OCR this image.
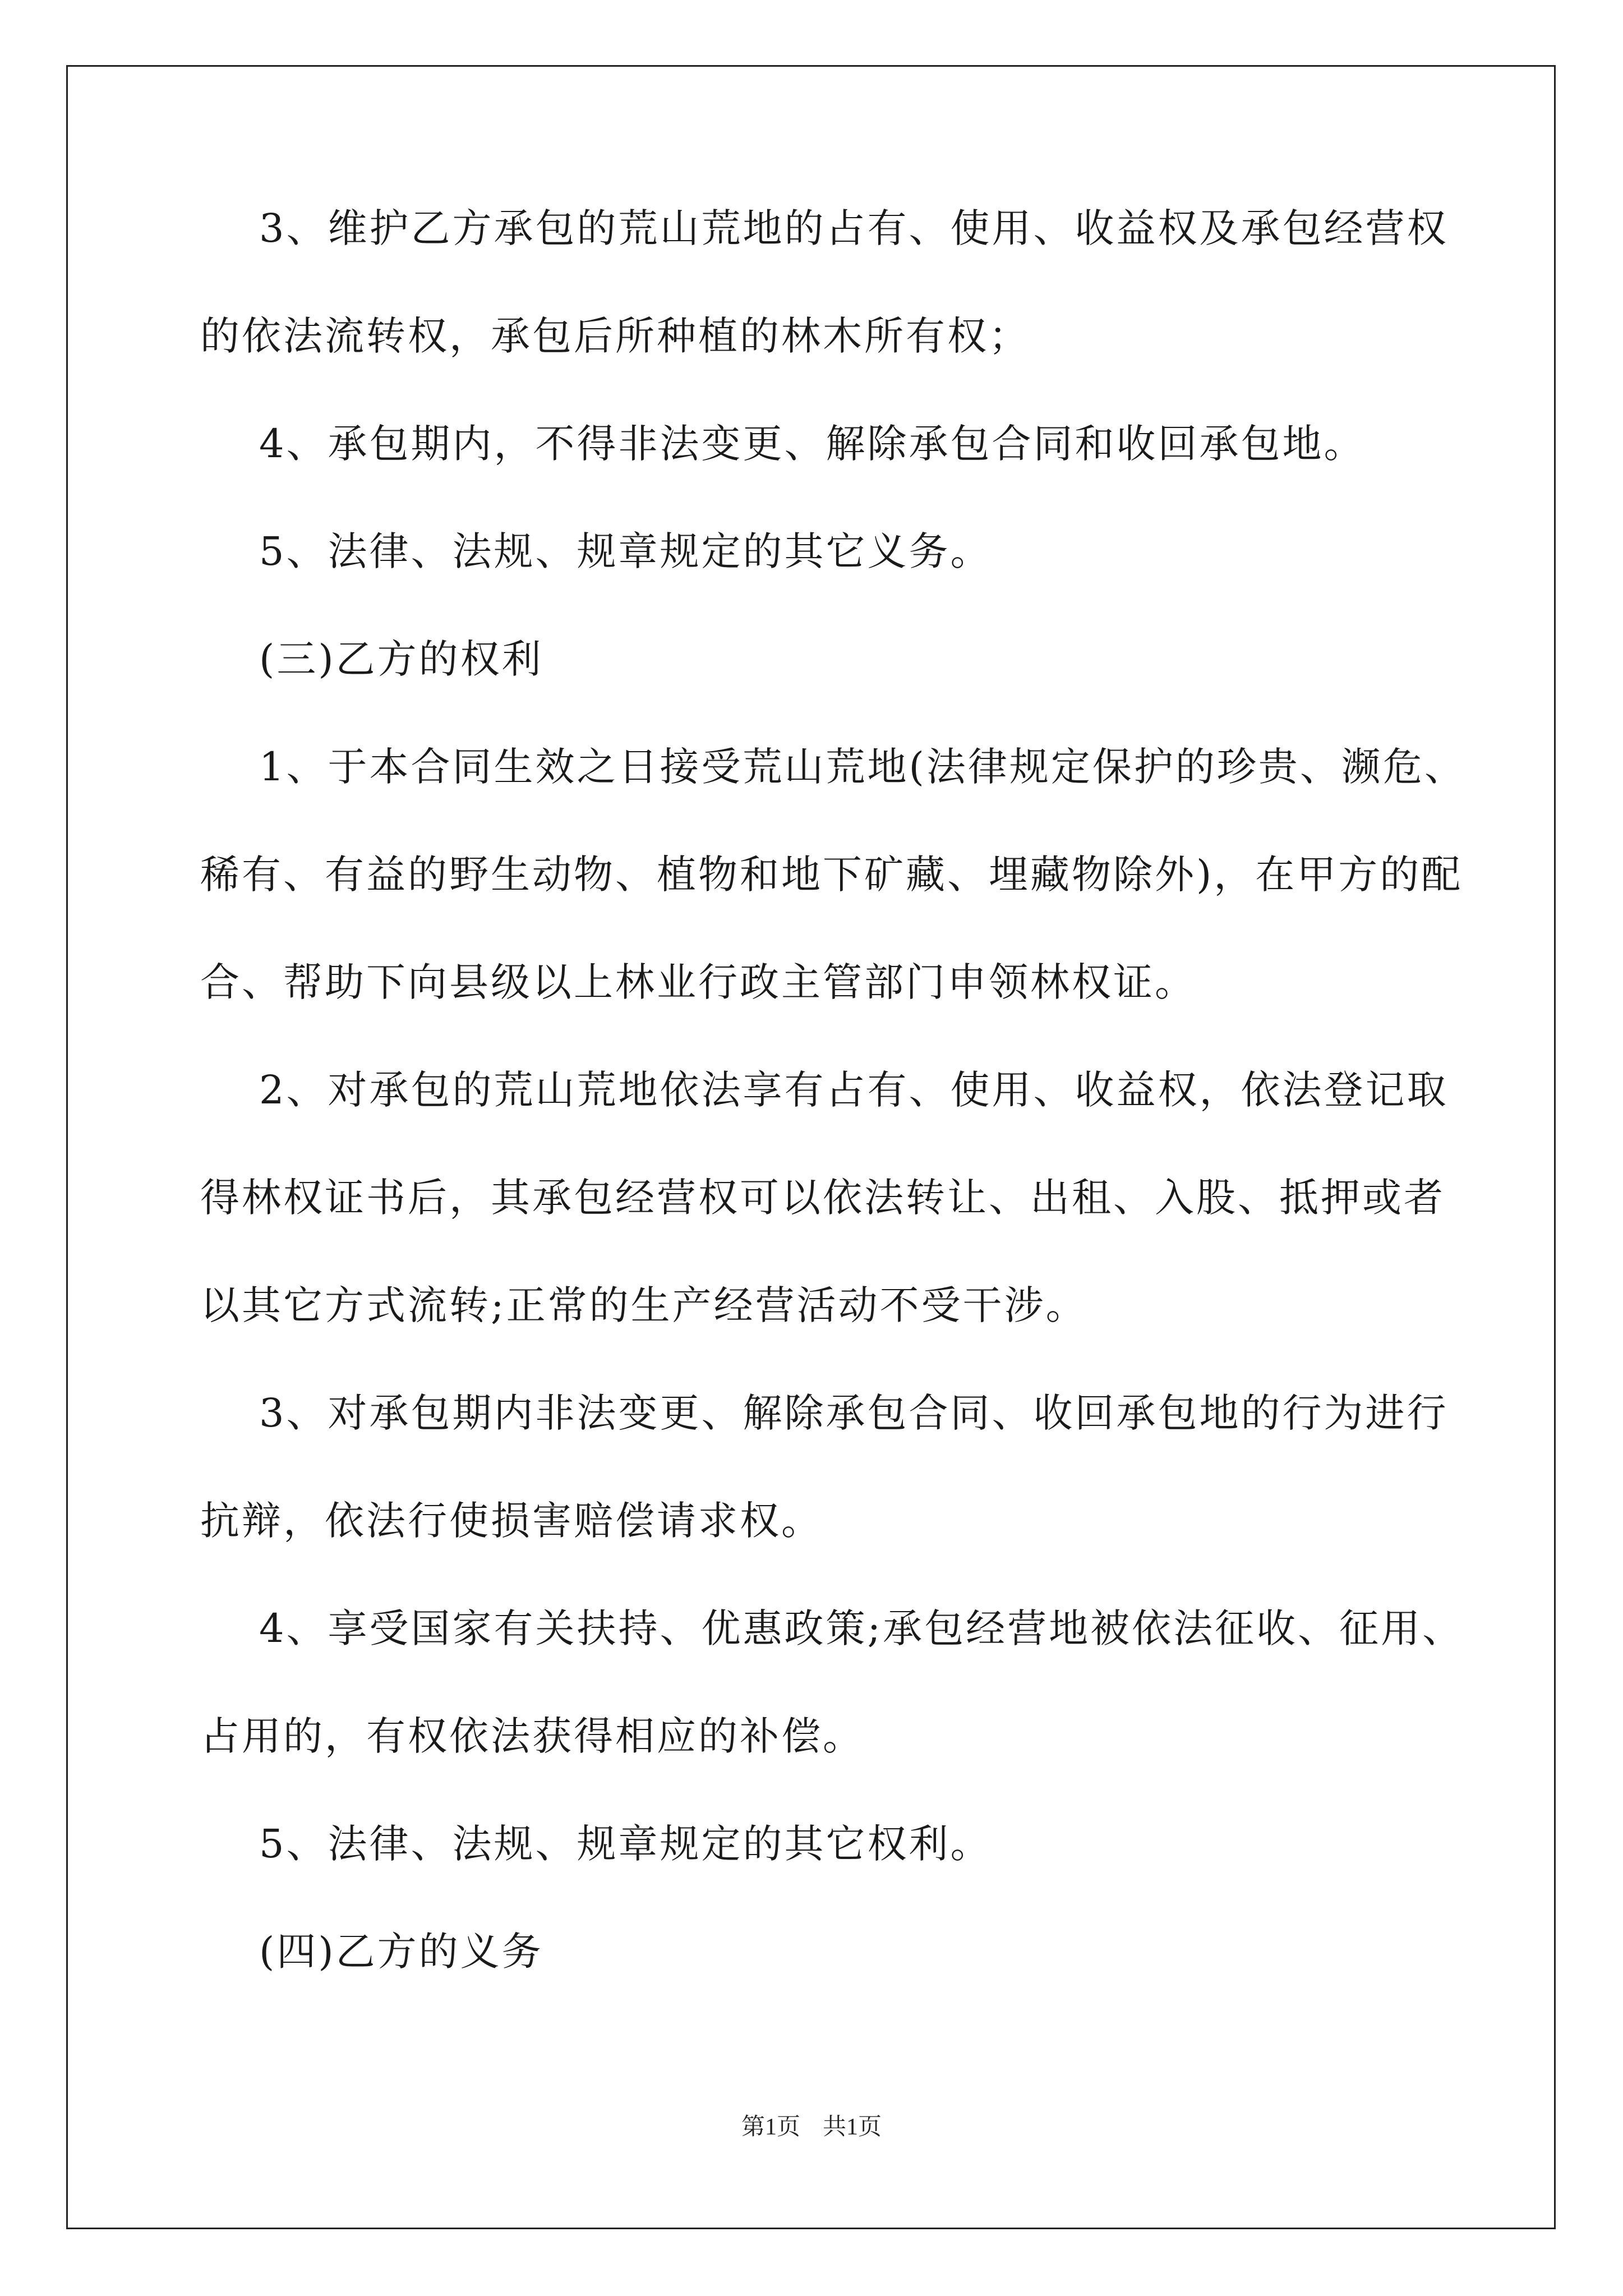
3、维护乙方承包的荒山荒地的占有、使用、收益权及承包经营权
的依法流转权，承包后所种植的林木所有权；
4、承包期内，不得非法变更、解除承包合同和收回承包地。
5、法律、法规、规章规定的其它义务。
(三)乙方的权利
1、于本合同生效之日接受荒山荒地(法律规定保护的珍贵、濒危、
稀有、有益的野生动物、植物和地下矿藏、埋藏物除外)，在甲方的配
合、帮助下向县级以上林业行政主管部门申领林权证。
2、对承包的荒山荒地依法享有占有、使用、收益权，依法登记取
得林权证书后，其承包经营权可以依法转让、出租、入股、抵押或者
以其它方式流转;正常的生产经营活动不受干涉。
3、对承包期内非法变更、解除承包合同、收回承包地的行为进行
抗辩，依法行使损害赔偿请求权。
4、享受国家有关扶持、优惠政策;承包经营地被依法征收、征用、
占用的，有权依法获得相应的补偿。
5、法律、法规、规章规定的其它权利。
(四)乙方的义务
第1页 共1页
